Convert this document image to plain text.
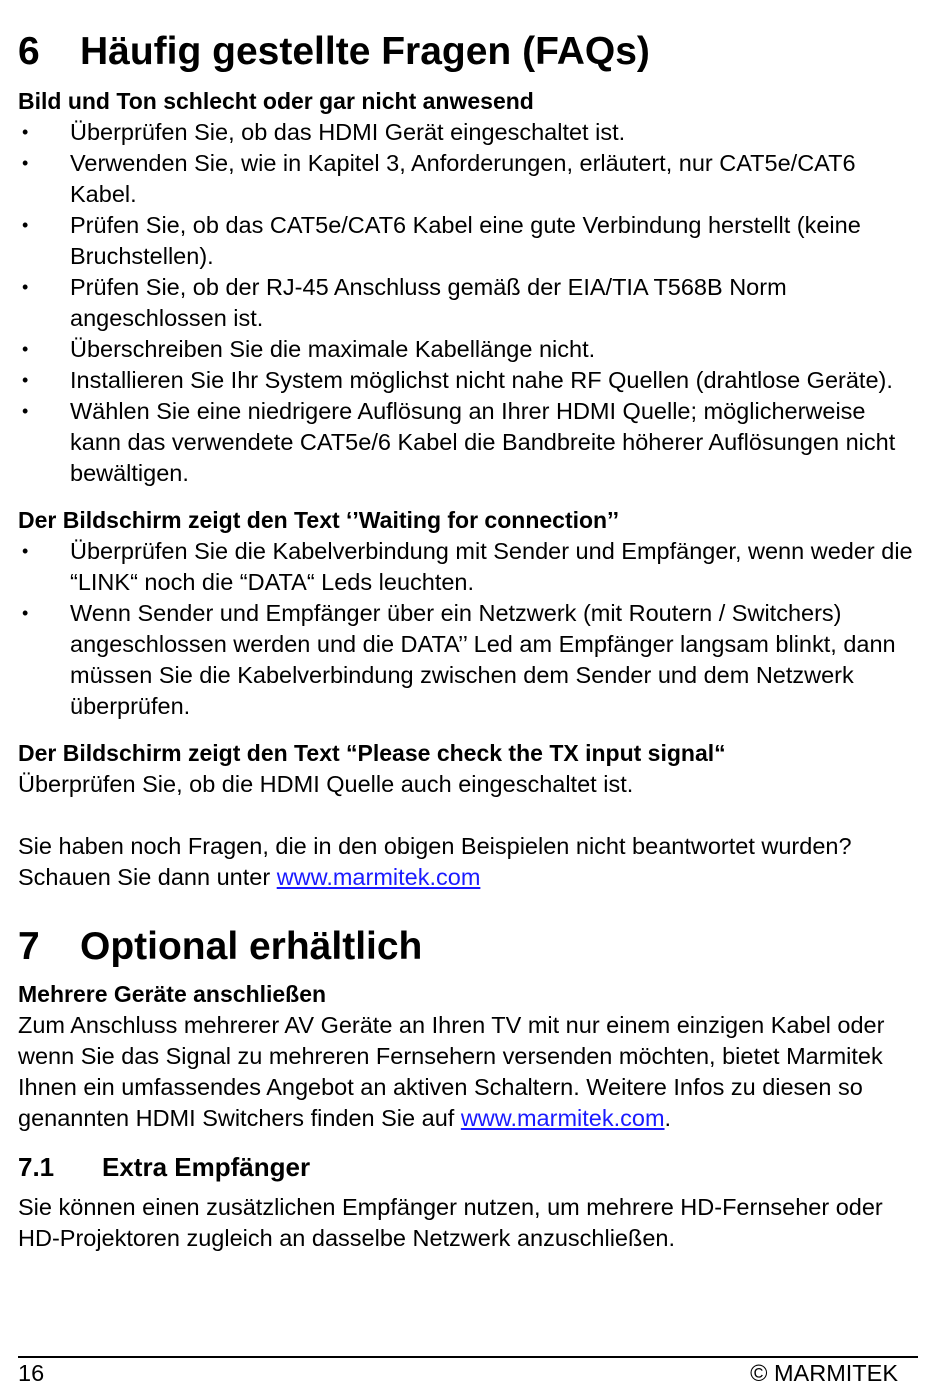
6	Häufig gestellte Fragen (FAQs)
Bild und Ton schlecht oder gar nicht anwesend
• Überprüfen Sie, ob das HDMI Gerät eingeschaltet ist.
• Verwenden Sie, wie in Kapitel 3, Anforderungen, erläutert, nur CAT5e/CAT6 Kabel.
• Prüfen Sie, ob das CAT5e/CAT6 Kabel eine gute Verbindung herstellt (keine Bruchstellen).
• Prüfen Sie, ob der RJ-45 Anschluss gemäß der EIA/TIA T568B Norm angeschlossen ist.
• Überschreiben Sie die maximale Kabellänge nicht.
• Installieren Sie Ihr System möglichst nicht nahe RF Quellen (drahtlose Geräte).
• Wählen Sie eine niedrigere Auflösung an Ihrer HDMI Quelle; möglicherweise kann das verwendete CAT5e/6 Kabel die Bandbreite höherer Auflösungen nicht bewältigen.
Der Bildschirm zeigt den Text ‘’Waiting for connection’’
• Überprüfen Sie die Kabelverbindung mit Sender und Empfänger, wenn weder die “LINK“ noch die “DATA“ Leds leuchten.
• Wenn Sender und Empfänger über ein Netzwerk (mit Routern / Switchers) angeschlossen werden und die DATA’’ Led am Empfänger langsam blinkt, dann müssen Sie die Kabelverbindung zwischen dem Sender und dem Netzwerk überprüfen.
Der Bildschirm zeigt den Text “Please check the TX input signal“

Überprüfen Sie, ob die HDMI Quelle auch eingeschaltet ist.

Sie haben noch Fragen, die in den obigen Beispielen nicht beantwortet wurden? Schauen Sie dann unter www.marmitek.com

7	Optional erhältlich
Mehrere Geräte anschließen

Zum Anschluss mehrerer AV Geräte an Ihren TV mit nur einem einzigen Kabel oder wenn Sie das Signal zu mehreren Fernsehern versenden möchten, bietet Marmitek Ihnen ein umfassendes Angebot an aktiven Schaltern. Weitere Infos zu diesen so genannten HDMI Switchers finden Sie auf www.marmitek.com.

7.1	Extra Empfänger

Sie können einen zusätzlichen Empfänger nutzen, um mehrere HD-Fernseher oder HD-Projektoren zugleich an dasselbe Netzwerk anzuschließen.

16	© MARMITEK
